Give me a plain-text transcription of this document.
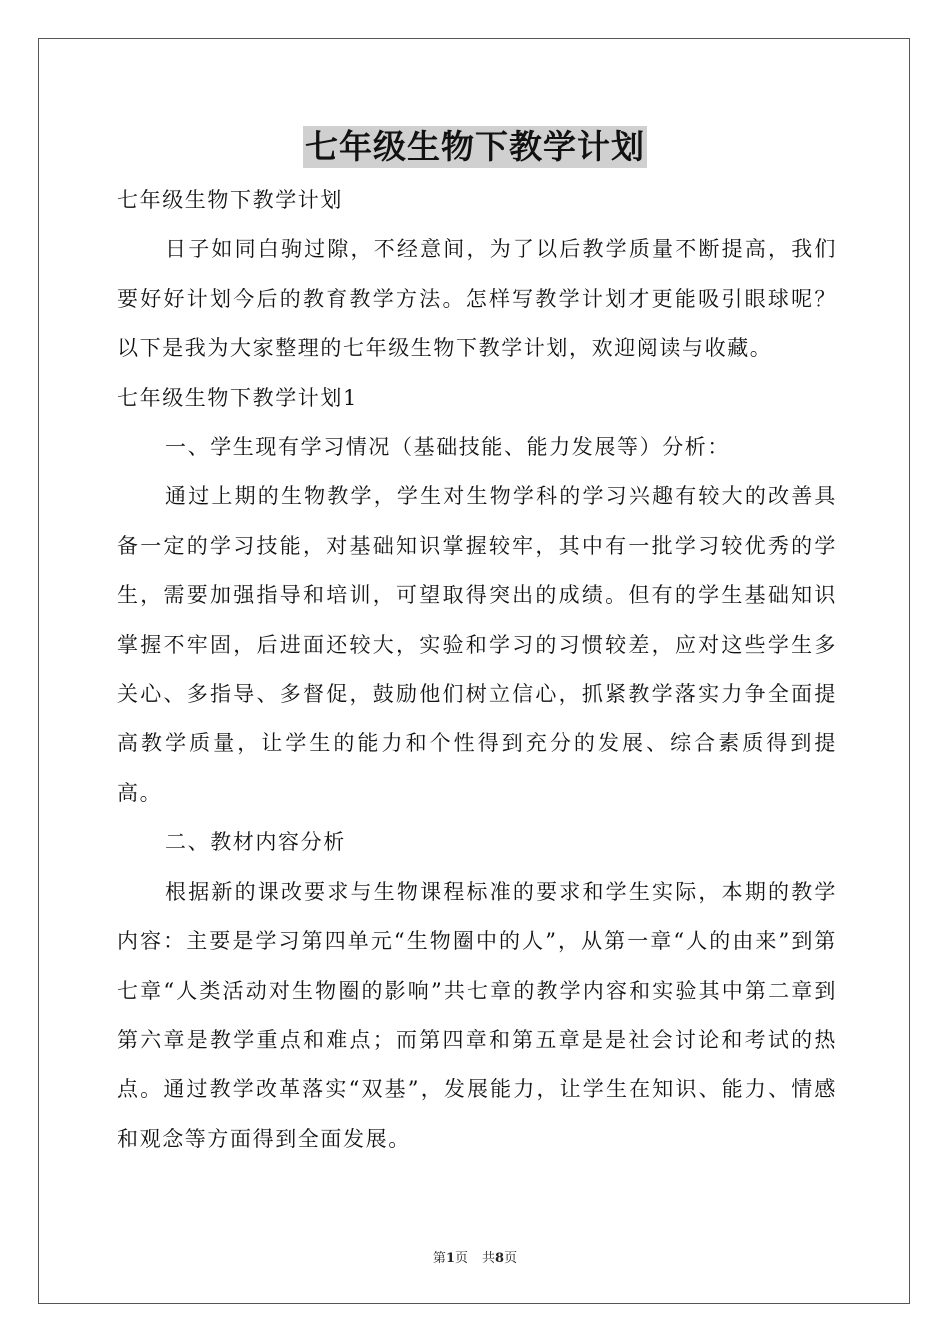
七年级生物下教学计划

七年级生物下教学计划

日子如同白驹过隙，不经意间，为了以后教学质量不断提高，我们要好好计划今后的教育教学方法。怎样写教学计划才更能吸引眼球呢？以下是我为大家整理的七年级生物下教学计划，欢迎阅读与收藏。

七年级生物下教学计划1

一、学生现有学习情况（基础技能、能力发展等）分析：

通过上期的生物教学，学生对生物学科的学习兴趣有较大的改善具备一定的学习技能，对基础知识掌握较牢，其中有一批学习较优秀的学生，需要加强指导和培训，可望取得突出的成绩。但有的学生基础知识掌握不牢固，后进面还较大，实验和学习的习惯较差，应对这些学生多关心、多指导、多督促，鼓励他们树立信心，抓紧教学落实力争全面提高教学质量，让学生的能力和个性得到充分的发展、综合素质得到提高。

二、教材内容分析

根据新的课改要求与生物课程标准的要求和学生实际，本期的教学内容：主要是学习第四单元“生物圈中的人”，从第一章“人的由来”到第七章“人类活动对生物圈的影响”共七章的教学内容和实验其中第二章到第六章是教学重点和难点；而第四章和第五章是是社会讨论和考试的热点。通过教学改革落实“双基”，发展能力，让学生在知识、能力、情感和观念等方面得到全面发展。

第1页 共8页
